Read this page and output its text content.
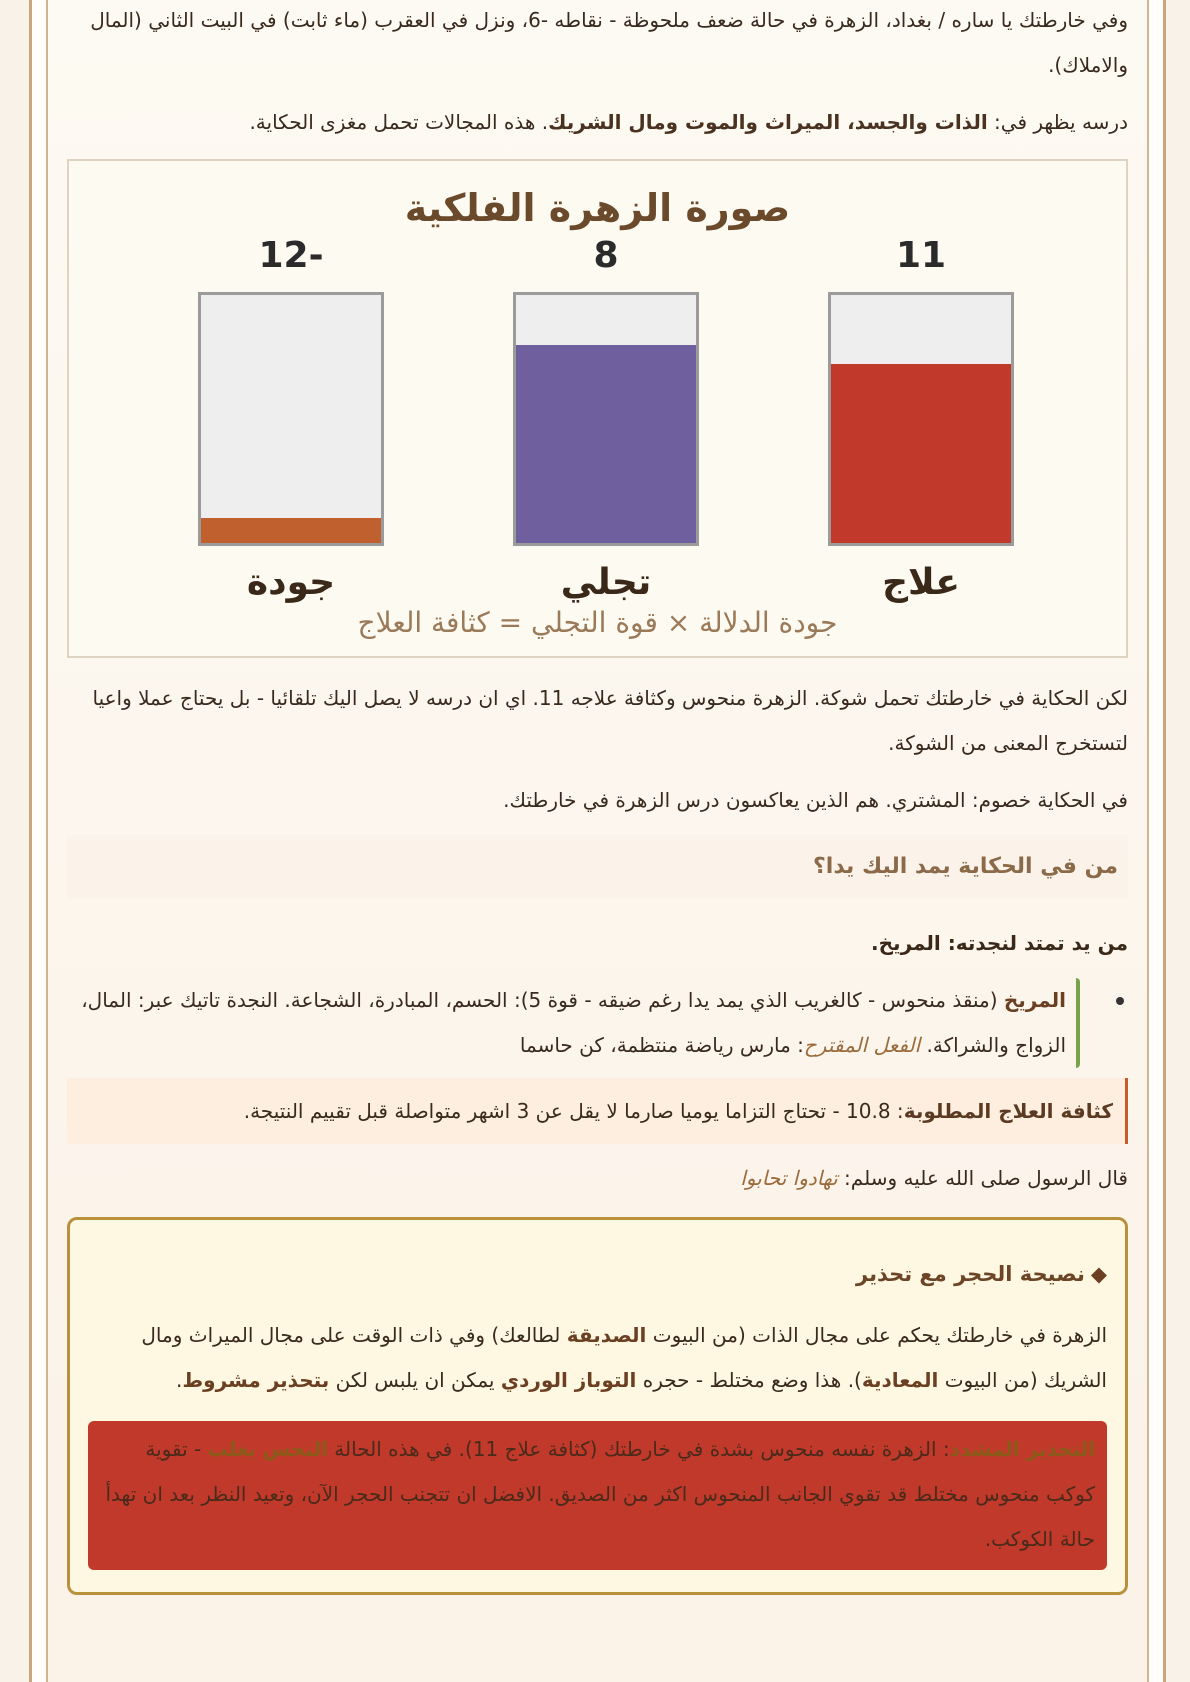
وفي خارطتك يا ساره / بغداد، الزهرة في حالة ضعف ملحوظة - نقاطه -6، ونزل في العقرب (ماء ثابت) في البيت الثاني (المال والاملاك).

درسه يظهر في: الذات والجسد، الميراث والموت ومال الشريك. هذه المجالات تحمل مغزى الحكاية.

صورة الزهرة الفلكية
11
علاج
8
تجلي
12-
جودة
جودة الدلالة × قوة التجلي = كثافة العلاج

لكن الحكاية في خارطتك تحمل شوكة. الزهرة منحوس وكثافة علاجه 11. اي ان درسه لا يصل اليك تلقائيا - بل يحتاج عملا واعيا لتستخرج المعنى من الشوكة.

في الحكاية خصوم: المشتري. هم الذين يعاكسون درس الزهرة في خارطتك.

من في الحكاية يمد اليك يدا؟

من يد تمتد لنجدته: المريخ.

المريخ (منقذ منحوس - كالغريب الذي يمد يدا رغم ضيقه - قوة 5): الحسم، المبادرة، الشجاعة. النجدة تاتيك عبر: المال، الزواج والشراكة. الفعل المقترح: مارس رياضة منتظمة، كن حاسما
كثافة العلاج المطلوبة: 10.8 - تحتاج التزاما يوميا صارما لا يقل عن 3 اشهر متواصلة قبل تقييم النتيجة.

قال الرسول صلى الله عليه وسلم: تهادوا تحابوا

◆نصيحة الحجر مع تحذير

الزهرة في خارطتك يحكم على مجال الذات (من البيوت الصديقة لطالعك) وفي ذات الوقت على مجال الميراث ومال الشريك (من البيوت المعادية). هذا وضع مختلط - حجره التوباز الوردي يمكن ان يلبس لكن بتحذير مشروط.

التحذير المشدد: الزهرة نفسه منحوس بشدة في خارطتك (كثافة علاج 11). في هذه الحالة النحس يغلب - تقوية كوكب منحوس مختلط قد تقوي الجانب المنحوس اكثر من الصديق. الافضل ان تتجنب الحجر الآن، وتعيد النظر بعد ان تهدأ حالة الكوكب.
